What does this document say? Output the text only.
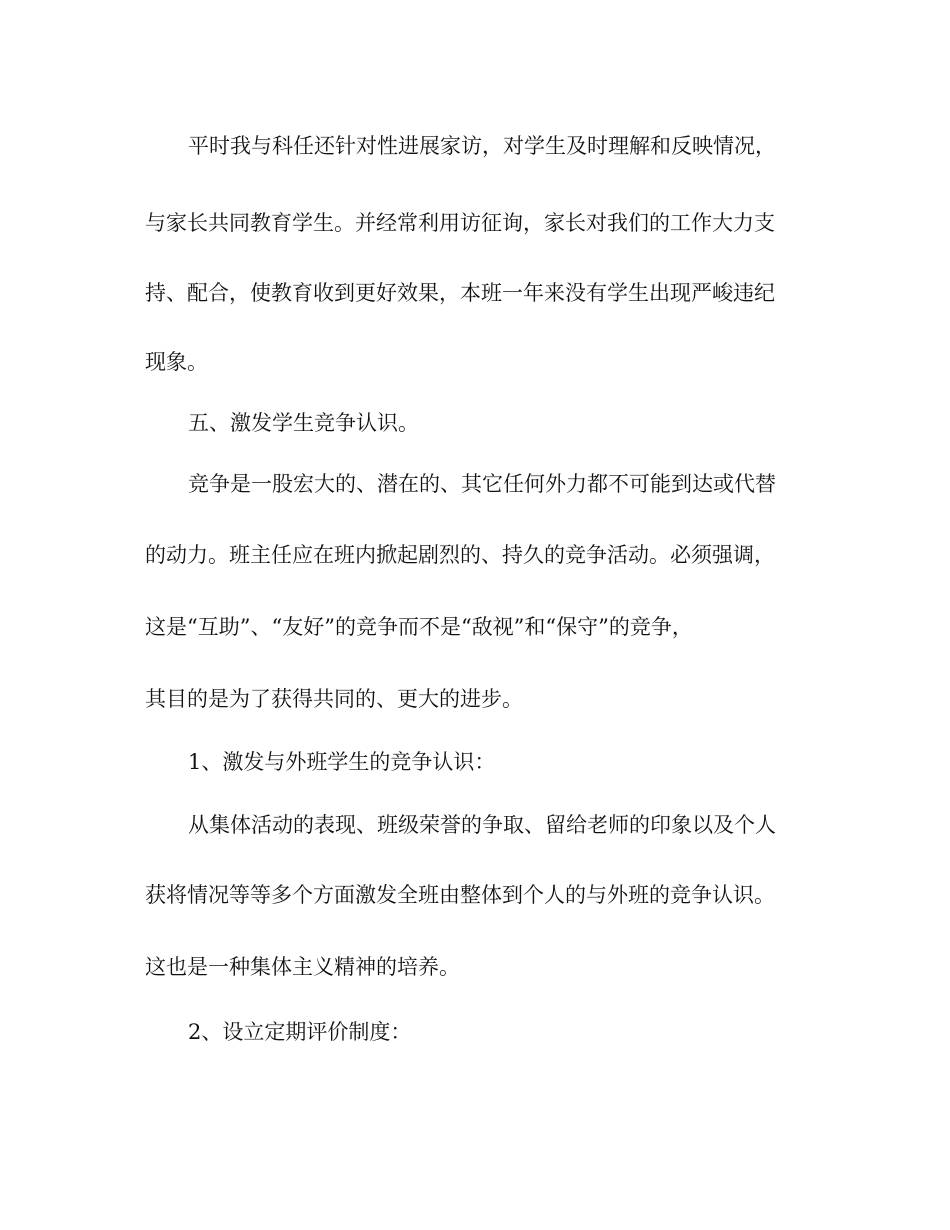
平时我与科任还针对性进展家访，对学生及时理解和反映情况，
与家长共同教育学生。并经常利用访征询，家长对我们的工作大力支
持、配合，使教育收到更好效果，本班一年来没有学生出现严峻违纪
现象。
五、激发学生竞争认识。
竞争是一股宏大的、潜在的、其它任何外力都不可能到达或代替
的动力。班主任应在班内掀起剧烈的、持久的竞争活动。必须强调，
这是“互助”、“友好”的竞争而不是“敌视”和“保守”的竞争，
其目的是为了获得共同的、更大的进步。
1、激发与外班学生的竞争认识：
从集体活动的表现、班级荣誉的争取、留给老师的印象以及个人
获将情况等等多个方面激发全班由整体到个人的与外班的竞争认识。
这也是一种集体主义精神的培养。
2、设立定期评价制度：
